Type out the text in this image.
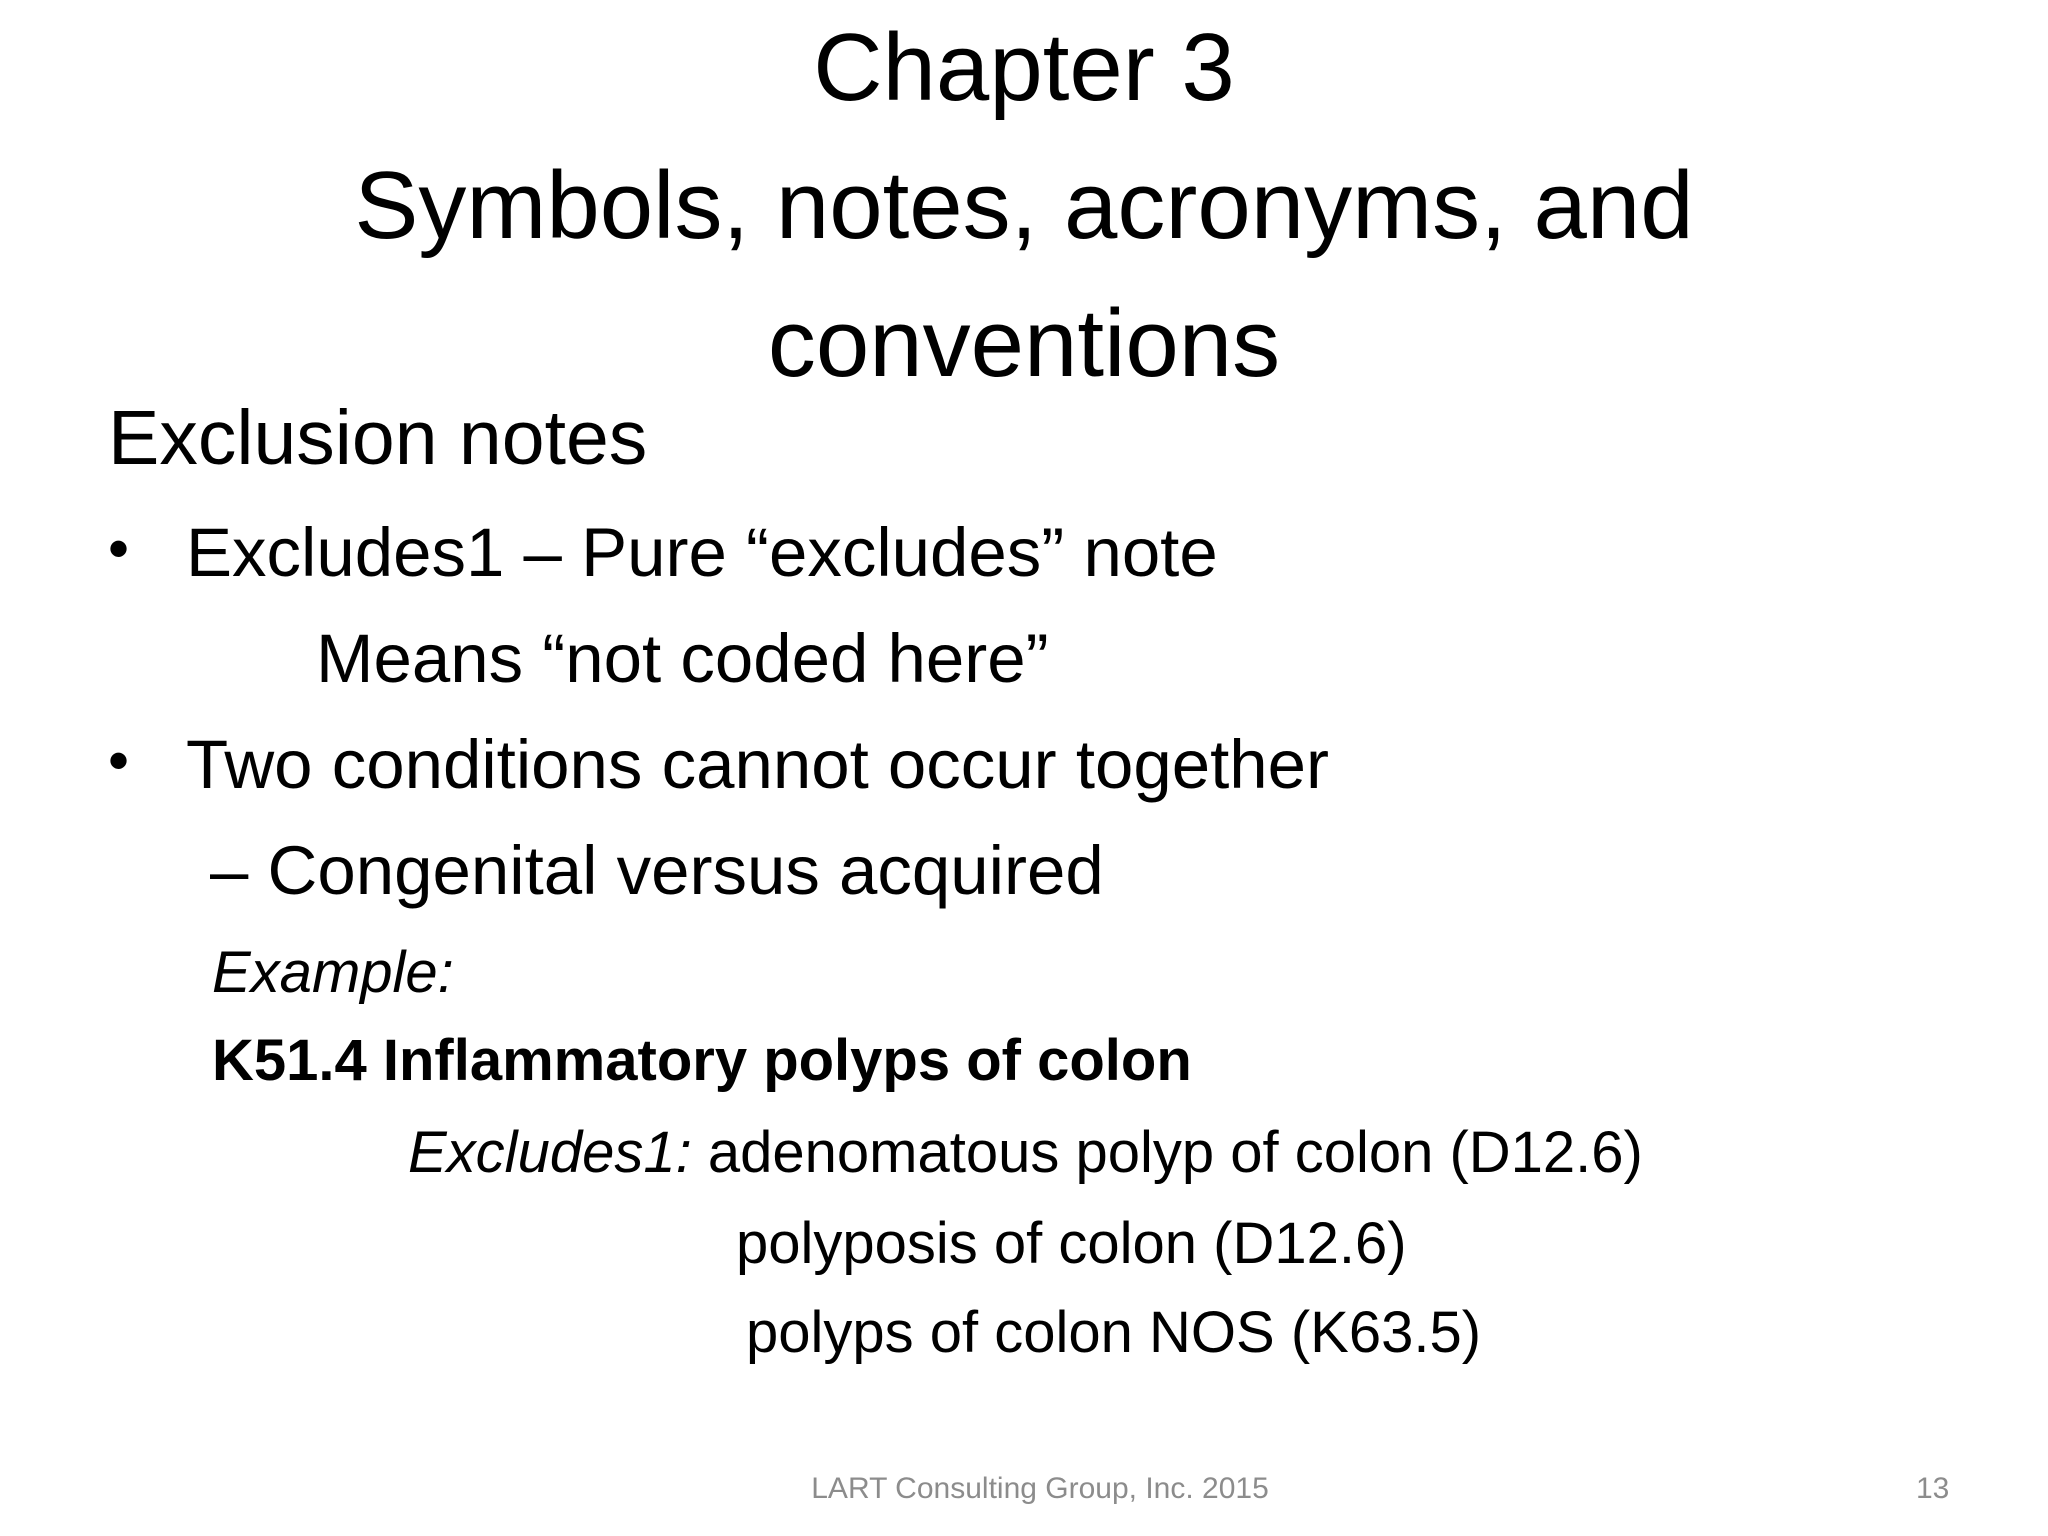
Chapter 3
Symbols, notes, acronyms, and
conventions
Exclusion notes
• Excludes1 – Pure “excludes” note
Means “not coded here”
• Two conditions cannot occur together
– Congenital versus acquired
Example:
K51.4 Inflammatory polyps of colon
Excludes1: adenomatous polyp of colon (D12.6)
polyposis of colon (D12.6)
polyps of colon NOS (K63.5)
LART Consulting Group, Inc. 2015	13
